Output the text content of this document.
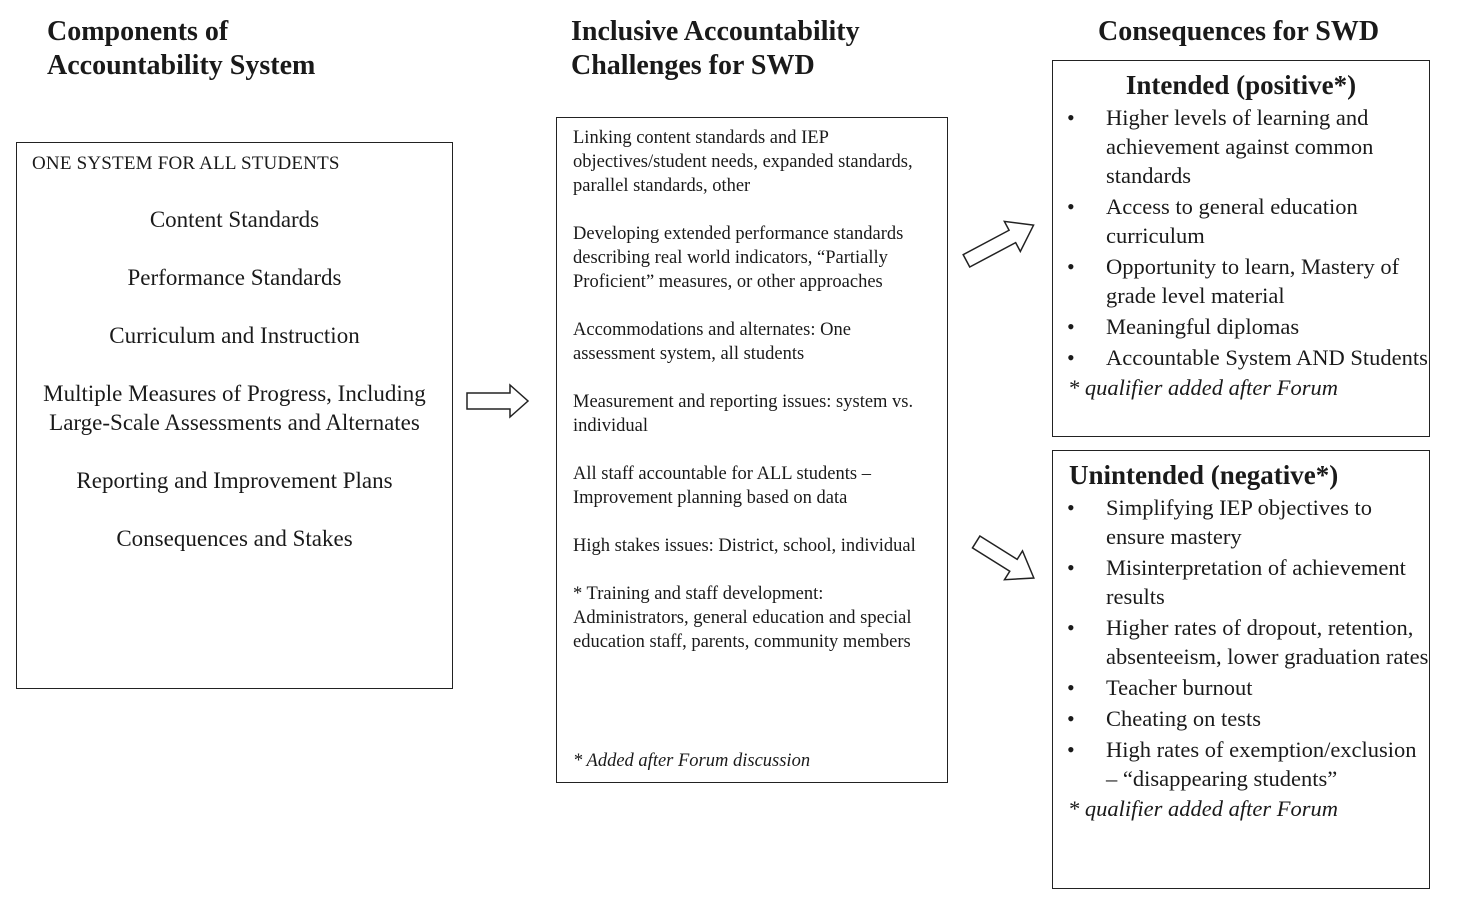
Components of
Accountability System
Inclusive Accountability
Challenges for SWD
Consequences for SWD
ONE SYSTEM FOR ALL STUDENTS
Content Standards
Performance Standards
Curriculum and Instruction
Multiple Measures of Progress, Including Large-Scale Assessments and Alternates
Reporting and Improvement Plans
Consequences and Stakes
Linking content standards and IEP objectives/student needs, expanded standards, parallel standards, other
Developing extended performance standards describing real world indicators, “Partially Proficient” measures, or other approaches
Accommodations and alternates: One assessment system, all students
Measurement and reporting issues: system vs. individual
All staff accountable for ALL students – Improvement planning based on data
High stakes issues: District, school, individual
* Training and staff development: Administrators, general education and special education staff, parents, community members
* Added after Forum discussion
Intended (positive*)
• Higher levels of learning and achievement against common standards
• Access to general education curriculum
• Opportunity to learn, Mastery of grade level material
• Meaningful diplomas
• Accountable System AND Students

* qualifier added after Forum

Unintended (negative*)
• Simplifying IEP objectives to ensure mastery
• Misinterpretation of achievement results
• Higher rates of dropout, retention, absenteeism, lower graduation rates
• Teacher burnout
• Cheating on tests
• High rates of exemption/exclusion – “disappearing students”

* qualifier added after Forum
